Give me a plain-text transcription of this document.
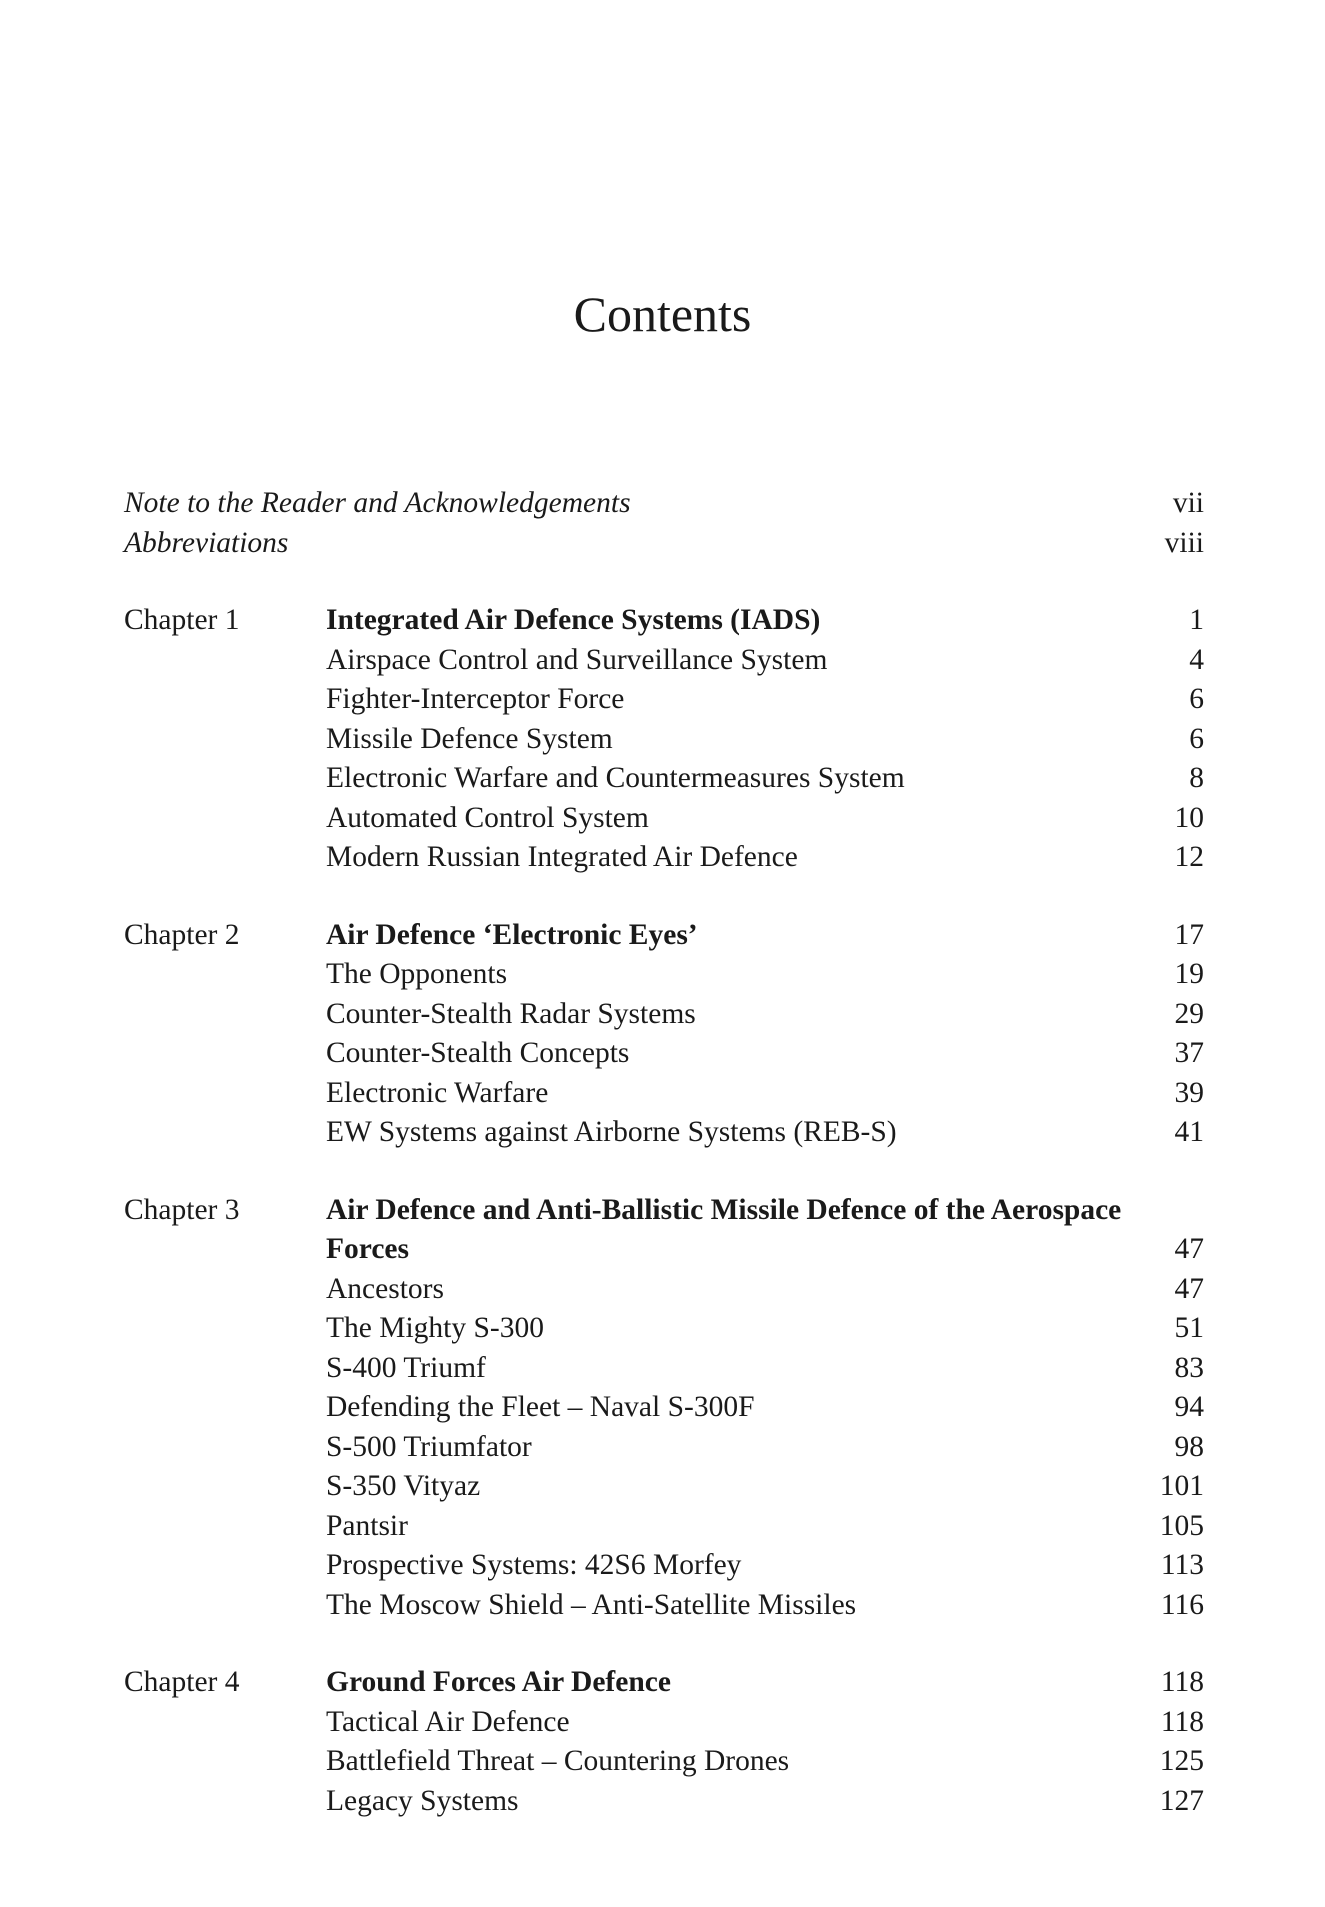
Contents
Note to the Reader and Acknowledgements	vii
Abbreviations	viii
Chapter 1	Integrated Air Defence Systems (IADS)	1
Airspace Control and Surveillance System	4
Fighter-Interceptor Force	6
Missile Defence System	6
Electronic Warfare and Countermeasures System	8
Automated Control System	10
Modern Russian Integrated Air Defence	12
Chapter 2	Air Defence ‘Electronic Eyes’	17
The Opponents	19
Counter-Stealth Radar Systems	29
Counter-Stealth Concepts	37
Electronic Warfare	39
EW Systems against Airborne Systems (REB-S)	41
Chapter 3	Air Defence and Anti-Ballistic Missile Defence of the Aerospace Forces	47
Ancestors	47
The Mighty S-300	51
S-400 Triumf	83
Defending the Fleet – Naval S-300F	94
S-500 Triumfator	98
S-350 Vityaz	101
Pantsir	105
Prospective Systems: 42S6 Morfey	113
The Moscow Shield – Anti-Satellite Missiles	116
Chapter 4	Ground Forces Air Defence	118
Tactical Air Defence	118
Battlefield Threat – Countering Drones	125
Legacy Systems	127
